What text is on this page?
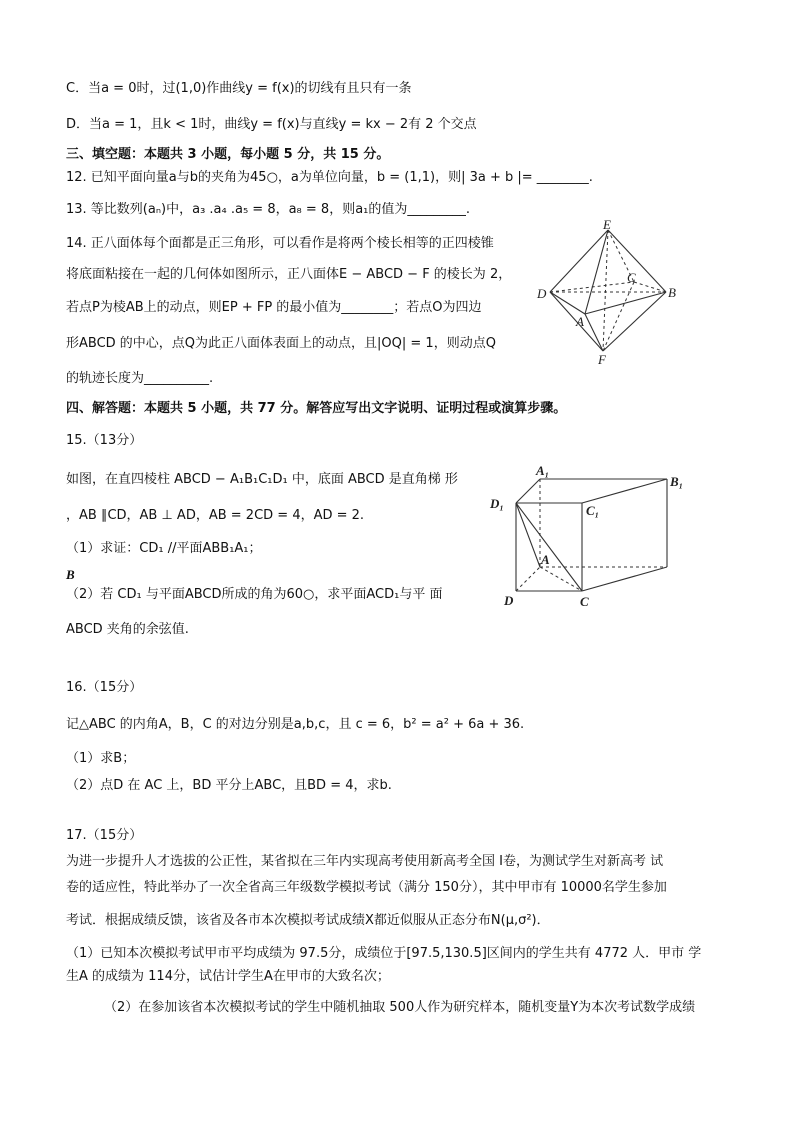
C．当a = 0时，过(1,0)作曲线y = f(x)的切线有且只有一条
D．当a = 1，且k < 1时，曲线y = f(x)与直线y = kx − 2有 2 个交点
三、填空题：本题共 3 小题，每小题 5 分，共 15 分。
12. 已知平面向量a与b的夹角为45○，a为单位向量，b = (1,1)，则| 3a + b |= ________.
13. 等比数列(aₙ)中，a₃ .a₄ .a₅ = 8，a₈ = 8，则a₁的值为_________.
14. 正八面体每个面都是正三角形，可以看作是将两个棱长相等的正四棱锥
将底面粘接在一起的几何体如图所示，正八面体E − ABCD − F 的棱长为 2，
若点P为棱AB上的动点，则EP + FP 的最小值为________；若点O为四边
形ABCD 的中心，点Q为此正八面体表面上的动点，且|OQ| = 1，则动点Q
的轨迹长度为__________.
四、解答题：本题共 5 小题，共 77 分。解答应写出文字说明、证明过程或演算步骤。
15.（13分）
如图，在直四棱柱 ABCD − A₁B₁C₁D₁ 中，底面 ABCD 是直角梯 形
，AB ∥CD，AB ⊥ AD，AB = 2CD = 4，AD = 2.
（1）求证：CD₁ //平面ABB₁A₁；
B
（2）若 CD₁ 与平面ABCD所成的角为60○，求平面ACD₁与平 面
ABCD 夹角的余弦值.
16.（15分）
记△ABC 的内角A，B，C 的对边分别是a,b,c，且 c = 6，b² = a² + 6a + 36.
（1）求B；
（2）点D 在 AC 上，BD 平分上ABC，且BD = 4，求b.
17.（15分）
为进一步提升人才选拔的公正性，某省拟在三年内实现高考使用新高考全国 I卷，为测试学生对新高考 试
卷的适应性，特此举办了一次全省高三年级数学模拟考试（满分 150分），其中甲市有 10000名学生参加
考试．根据成绩反馈，该省及各市本次模拟考试成绩X都近似服从正态分布N(μ,σ²)．
（1）已知本次模拟考试甲市平均成绩为 97.5分，成绩位于[97.5,130.5]区间内的学生共有 4772 人．甲市 学
生A 的成绩为 114分，试估计学生A在甲市的大致名次；
（2）在参加该省本次模拟考试的学生中随机抽取 500人作为研究样本，随机变量Y为本次考试数学成绩
E
C
D	B
A
F
A₁
B₁
D₁	C₁
A
D	C
